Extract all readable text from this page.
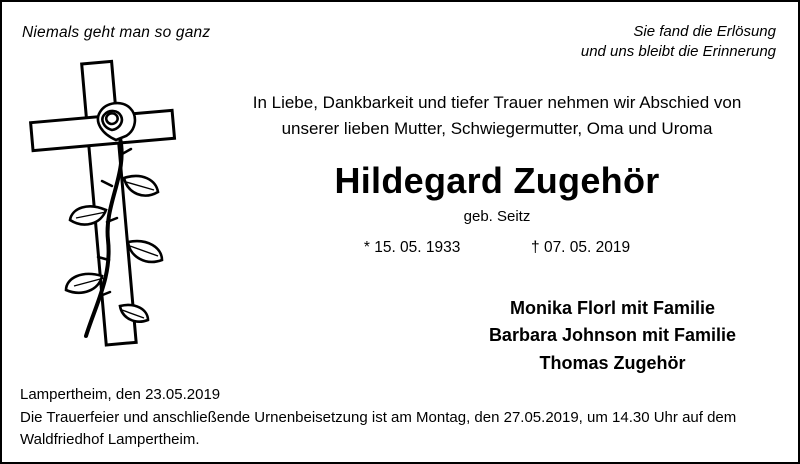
Niemals geht man so ganz	Sie fand die Erlösung
und uns bleibt die Erinnerung
In Liebe, Dankbarkeit und tiefer Trauer nehmen wir Abschied von
unserer lieben Mutter, Schwiegermutter, Oma und Uroma
Hildegard Zugehör
geb. Seitz
* 15. 05. 1933	† 07. 05. 2019
Monika Florl mit Familie
Barbara Johnson mit Familie
Thomas Zugehör
Lampertheim, den 23.05.2019
Die Trauerfeier und anschließende Urnenbeisetzung ist am Montag, den 27.05.2019, um 14.30 Uhr auf dem
Waldfriedhof Lampertheim.
